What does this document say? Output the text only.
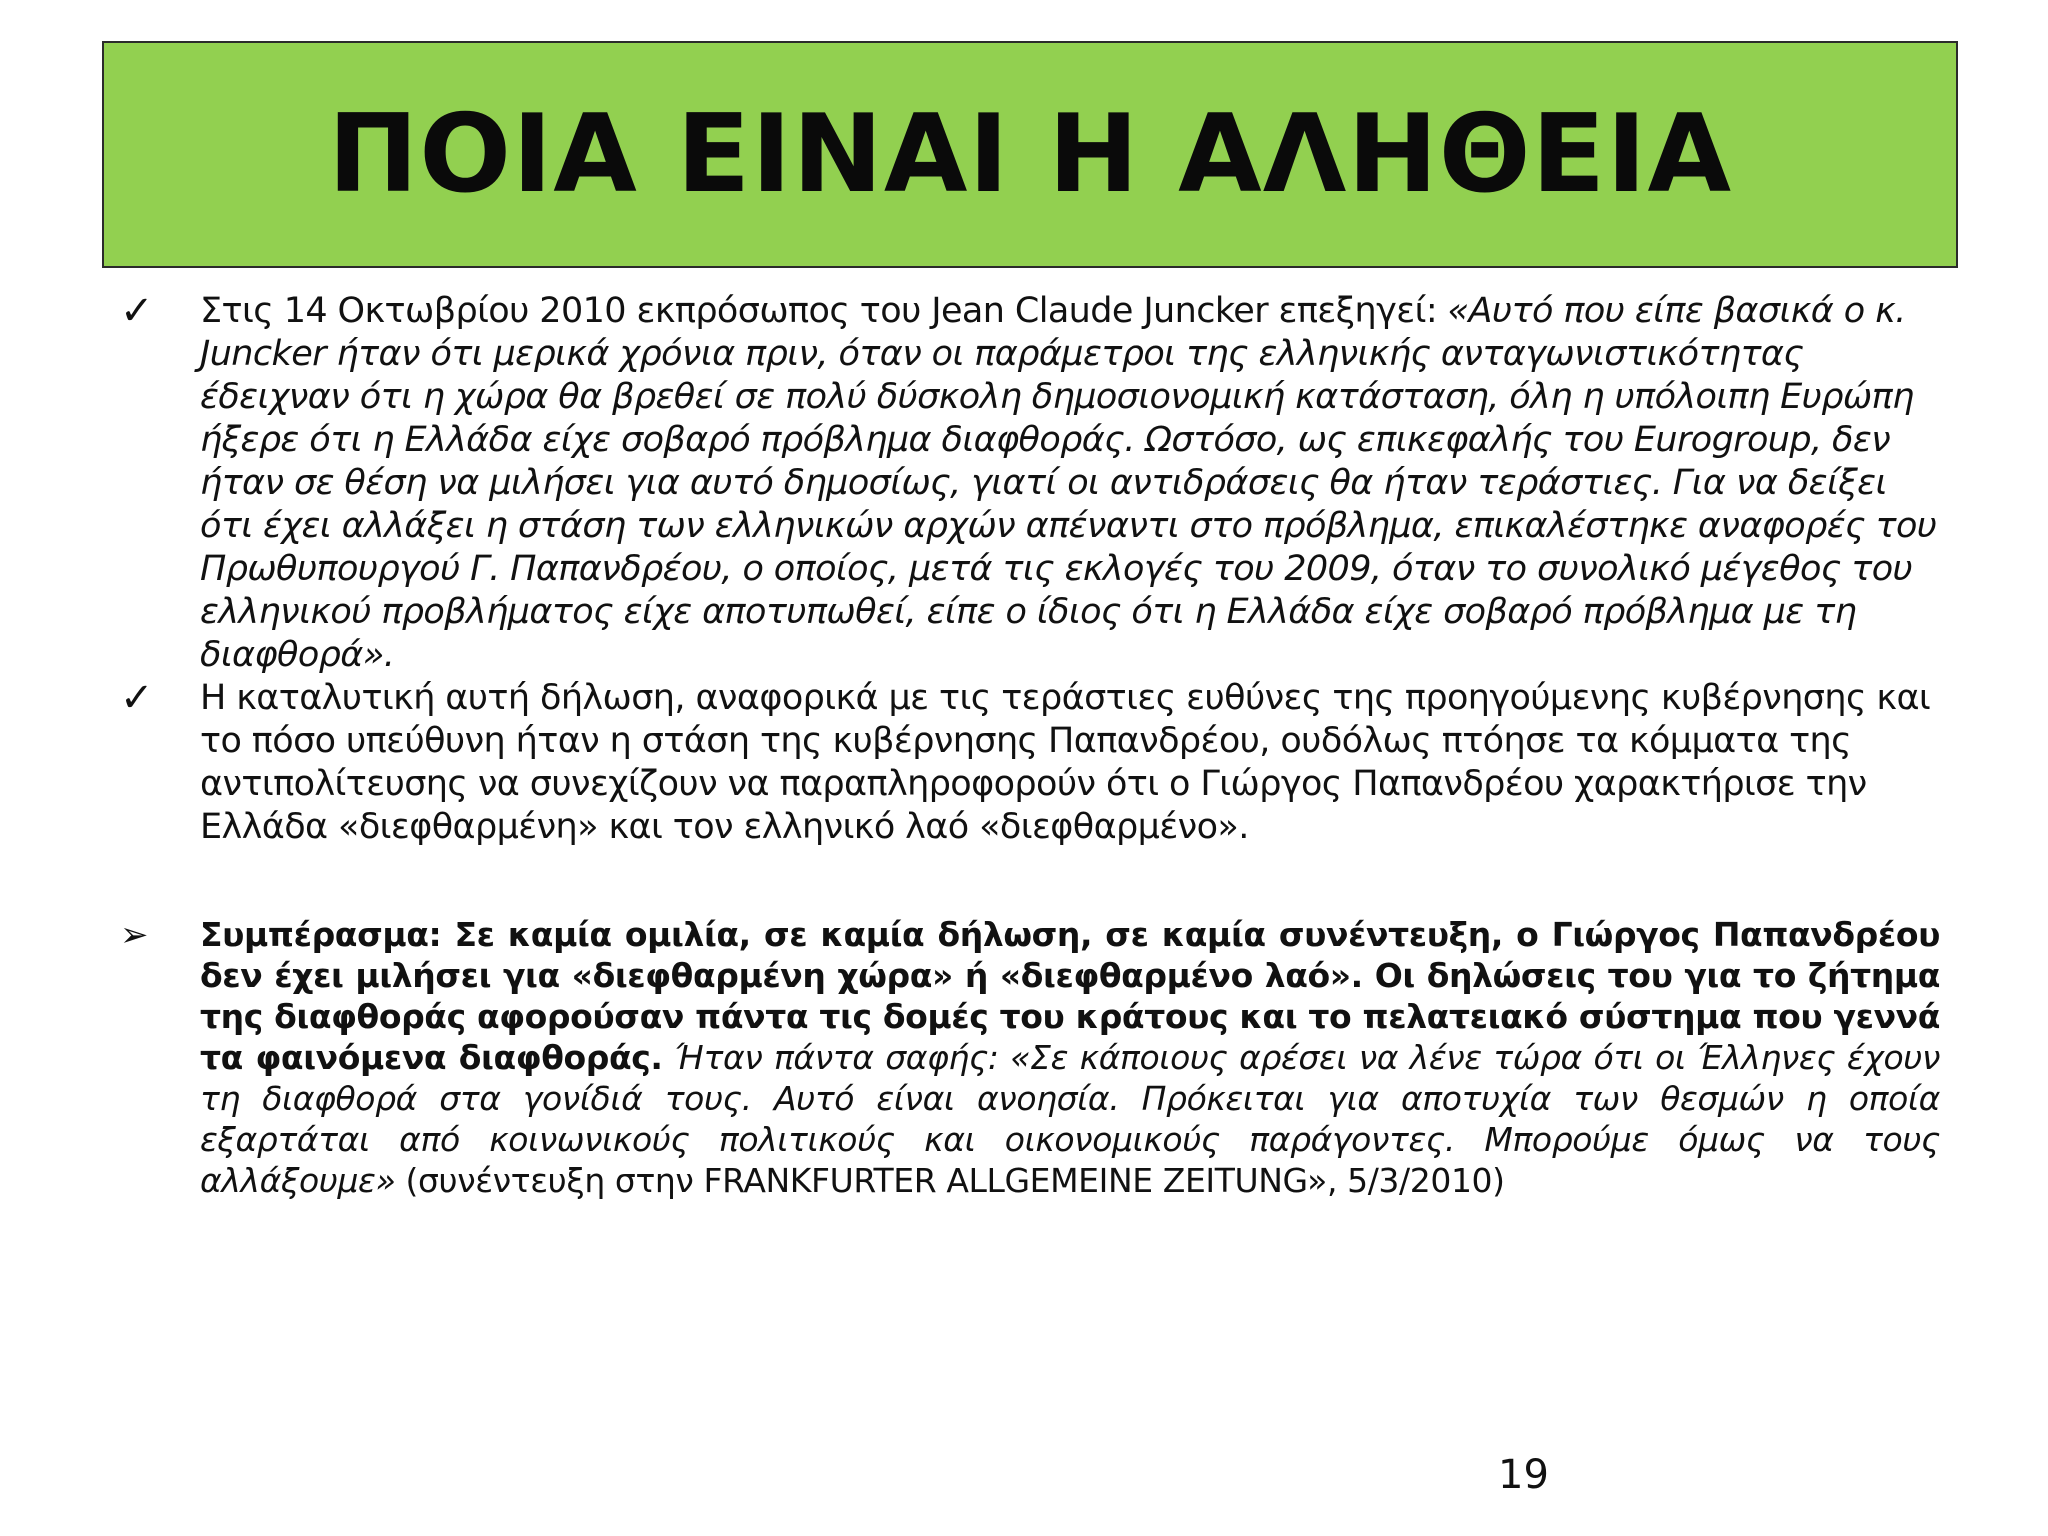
ΠΟΙΑ ΕΙΝΑΙ Η ΑΛΗΘΕΙΑ
✓	Στις 14 Οκτωβρίου 2010 εκπρόσωπος του Jean Claude Juncker επεξηγεί: «Αυτό που είπε βασικά ο κ. Juncker ήταν ότι μερικά χρόνια πριν, όταν οι παράμετροι της ελληνικής ανταγωνιστικότητας έδειχναν ότι η χώρα θα βρεθεί σε πολύ δύσκολη δημοσιονομική κατάσταση, όλη η υπόλοιπη Ευρώπη ήξερε ότι η Ελλάδα είχε σοβαρό πρόβλημα διαφθοράς. Ωστόσο, ως επικεφαλής του Eurogroup, δεν ήταν σε θέση να μιλήσει για αυτό δημοσίως, γιατί οι αντιδράσεις θα ήταν τεράστιες. Για να δείξει ότι έχει αλλάξει η στάση των ελληνικών αρχών απέναντι στο πρόβλημα, επικαλέστηκε αναφορές του Πρωθυπουργού Γ. Παπανδρέου, ο οποίος, μετά τις εκλογές του 2009, όταν το συνολικό μέγεθος του ελληνικού προβλήματος είχε αποτυπωθεί, είπε ο ίδιος ότι η Ελλάδα είχε σοβαρό πρόβλημα με τη διαφθορά».
✓	Η καταλυτική αυτή δήλωση, αναφορικά με τις τεράστιες ευθύνες της προηγούμενης κυβέρνησης και το πόσο υπεύθυνη ήταν η στάση της κυβέρνησης Παπανδρέου, ουδόλως πτόησε τα κόμματα της αντιπολίτευσης να συνεχίζουν να παραπληροφορούν ότι ο Γιώργος Παπανδρέου χαρακτήρισε την Ελλάδα «διεφθαρμένη» και τον ελληνικό λαό «διεφθαρμένο».
➢	Συμπέρασμα: Σε καμία ομιλία, σε καμία δήλωση, σε καμία συνέντευξη, ο Γιώργος Παπανδρέου δεν έχει μιλήσει για «διεφθαρμένη χώρα» ή «διεφθαρμένο λαό». Οι δηλώσεις του για το ζήτημα της διαφθοράς αφορούσαν πάντα τις δομές του κράτους και το πελατειακό σύστημα που γεννά τα φαινόμενα διαφθοράς. Ήταν πάντα σαφής: «Σε κάποιους αρέσει να λένε τώρα ότι οι Έλληνες έχουν τη διαφθορά στα γονίδιά τους. Αυτό είναι ανοησία. Πρόκειται για αποτυχία των θεσμών η οποία εξαρτάται από κοινωνικούς πολιτικούς και οικονομικούς παράγοντες. Μπορούμε όμως να τους αλλάξουμε» (συνέντευξη στην FRANKFURTER ALLGEMEINE ZEITUNG», 5/3/2010)
19
